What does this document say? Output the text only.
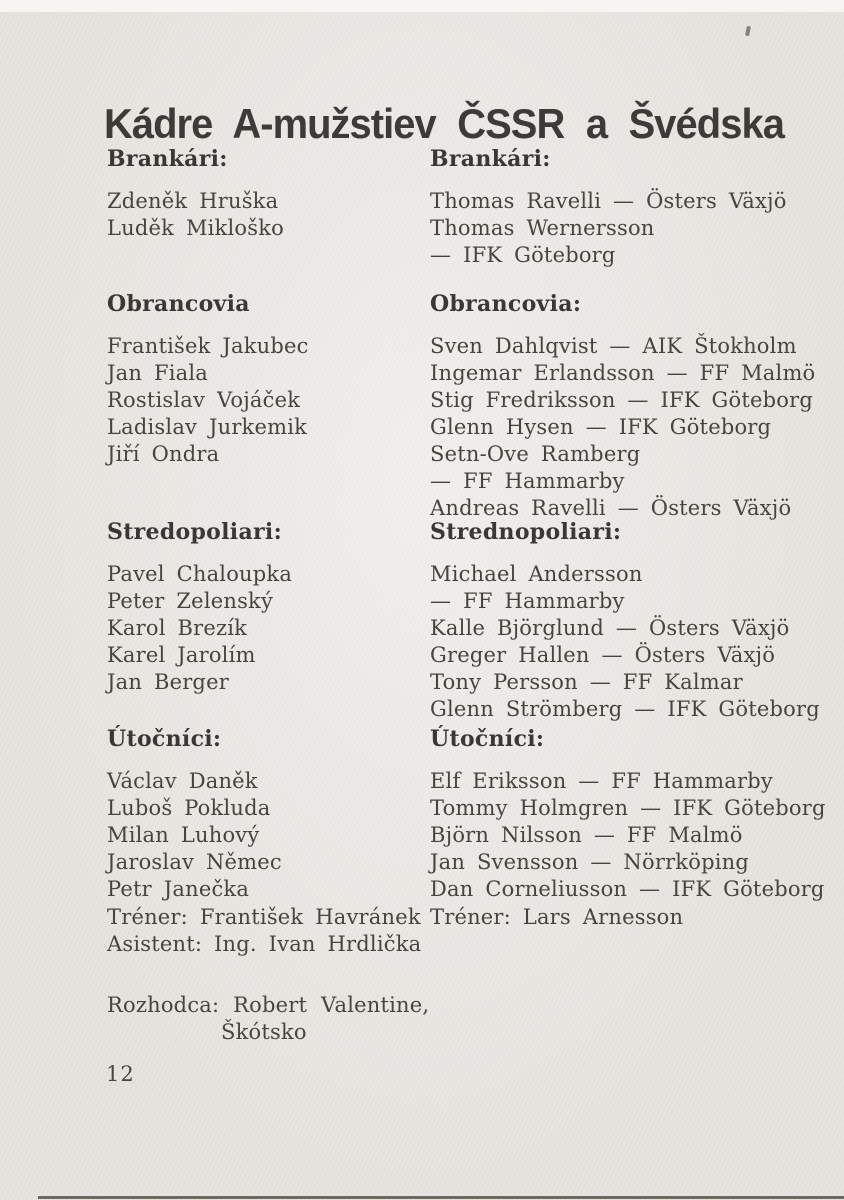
Kádre A-mužstiev ČSSR a Švédska
Brankári:
Zdeněk Hruška
Luděk Mikloško
Obrancovia
František Jakubec
Jan Fiala
Rostislav Vojáček
Ladislav Jurkemik
Jiří Ondra
Stredopoliari:
Pavel Chaloupka
Peter Zelenský
Karol Brezík
Karel Jarolím
Jan Berger
Útočníci:
Václav Daněk
Luboš Pokluda
Milan Luhový
Jaroslav Němec
Petr Janečka
Tréner: František Havránek
Asistent: Ing. Ivan Hrdlička
Rozhodca: Robert Valentine,
Škótsko
Brankári:
Thomas Ravelli — Östers Växjö
Thomas Wernersson
— IFK Göteborg
Obrancovia:
Sven Dahlqvist — AIK Štokholm
Ingemar Erlandsson — FF Malmö
Stig Fredriksson — IFK Göteborg
Glenn Hysen — IFK Göteborg
Setn-Ove Ramberg
— FF Hammarby
Andreas Ravelli — Östers Växjö
Strednopoliari:
Michael Andersson
— FF Hammarby
Kalle Björglund — Östers Växjö
Greger Hallen — Östers Växjö
Tony Persson — FF Kalmar
Glenn Strömberg — IFK Göteborg
Útočníci:
Elf Eriksson — FF Hammarby
Tommy Holmgren — IFK Göteborg
Björn Nilsson — FF Malmö
Jan Svensson — Nörrköping
Dan Corneliusson — IFK Göteborg
Tréner: Lars Arnesson
12
